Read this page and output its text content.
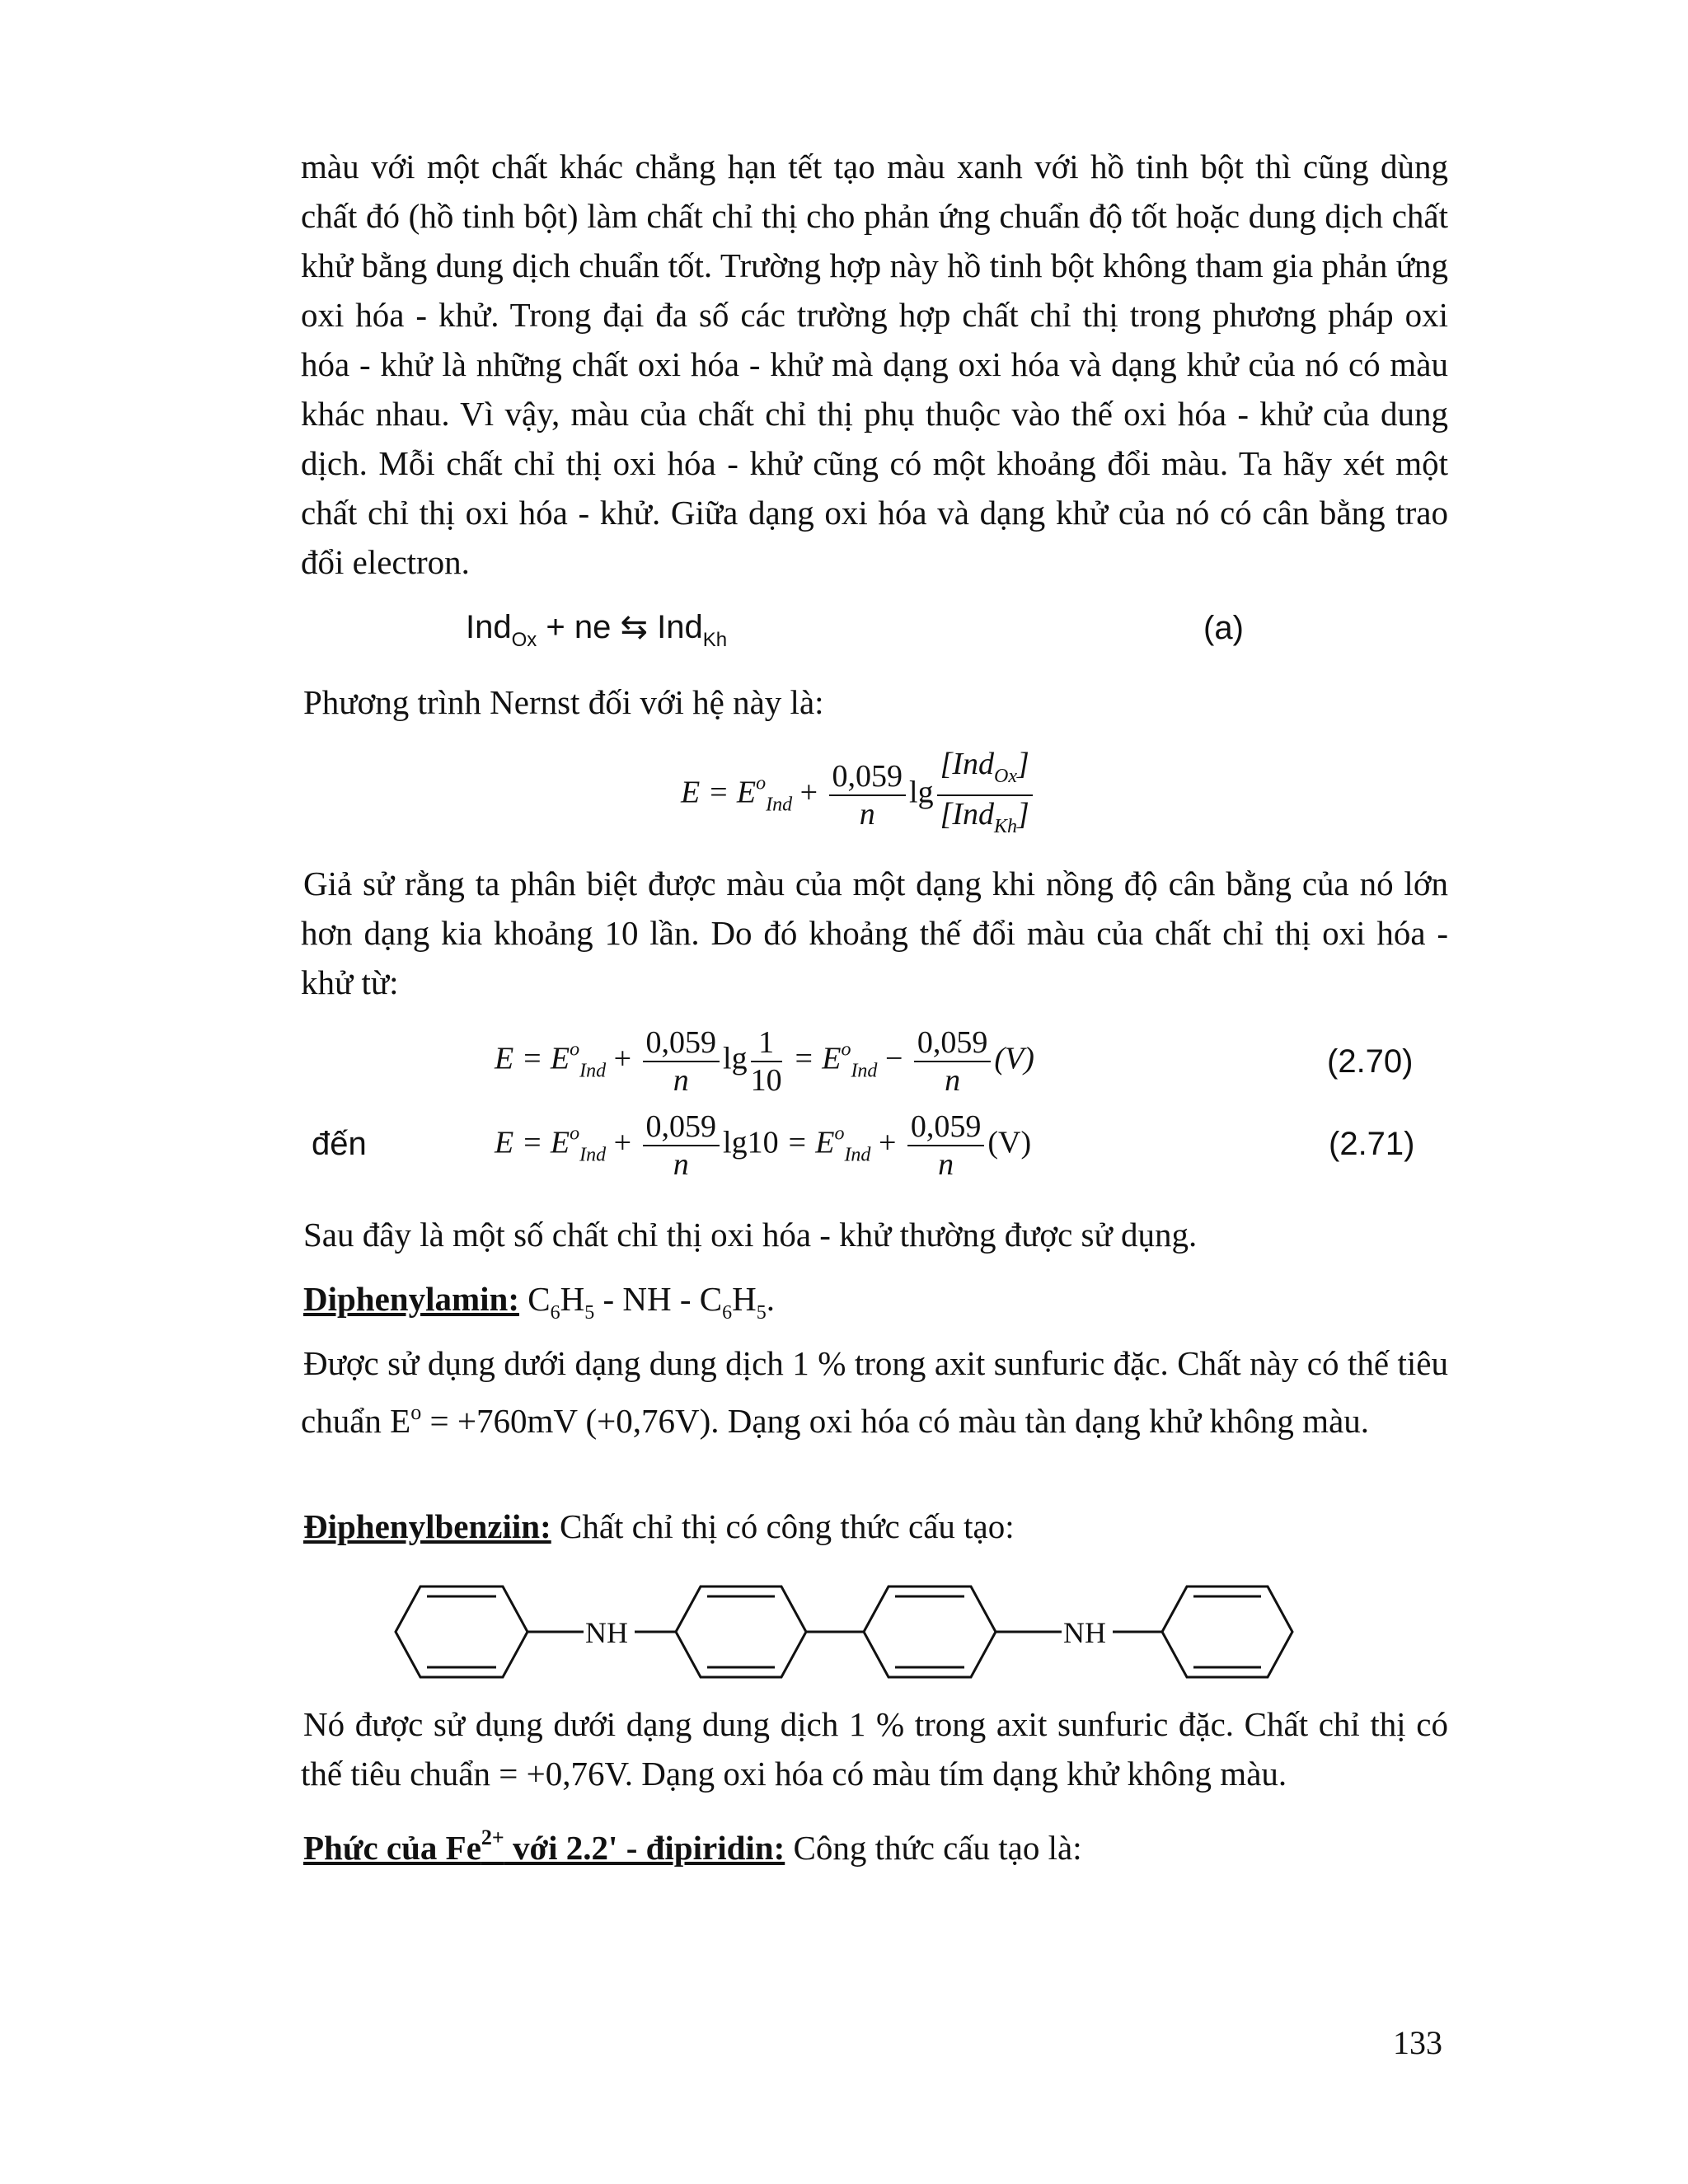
màu với một chất khác chẳng hạn tết tạo màu xanh với hồ tinh bột thì cũng dùng chất đó (hồ tinh bột) làm chất chỉ thị cho phản ứng chuẩn độ tốt hoặc dung dịch chất khử bằng dung dịch chuẩn tốt. Trường hợp này hồ tinh bột không tham gia phản ứng oxi hóa - khử. Trong đại đa số các trường hợp chất chỉ thị trong phương pháp oxi hóa - khử là những chất oxi hóa - khử mà dạng oxi hóa và dạng khử của nó có màu khác nhau. Vì vậy, màu của chất chỉ thị phụ thuộc vào thế oxi hóa - khử của dung dịch. Mỗi chất chỉ thị oxi hóa - khử cũng có một khoảng đổi màu. Ta hãy xét một chất chỉ thị oxi hóa - khử. Giữa dạng oxi hóa và dạng khử của nó có cân bằng trao đổi electron.

Ind$_{Ox}$ + ne ⇆ Ind$_{Kh}$	(a)
Phương trình Nernst đối với hệ này là:
$E = E^o_{Ind} + \frac{0,059}{n}$ $\lg \frac{[Ind_{Ox}]}{[Ind_{Kh}]}$

Giả sử rằng ta phân biệt được màu của một dạng khi nồng độ cân bằng của nó lớn hơn dạng kia khoảng 10 lần. Do đó khoảng thế đổi màu của chất chỉ thị oxi hóa - khử từ:

$E = E^o_{Ind} + \frac{0,059}{n}$ $\lg \frac{1}{10} = E^o_{Ind} - \frac{0,059}{n} (V)$	(2.70)
đến	$E = E^o_{Ind} + \frac{0,059}{n} \lg 10 = E^o_{Ind} + \frac{0,059}{n} (V)$	(2.71)
Sau đây là một số chất chỉ thị oxi hóa - khử thường được sử dụng.
Diphenylamin: $C_6H_5$ - NH - $C_6H_5$.

Được sử dụng dưới dạng dung dịch 1 % trong axit sunfuric đặc. Chất này có thế tiêu chuẩn $E^o = +760mV$ (+0,76V). Dạng oxi hóa có màu tàn dạng khử không màu.

Điphenylbenziin: Chất chỉ thị có công thức cấu tạo:
NH	NH

Nó được sử dụng dưới dạng dung dịch 1 % trong axit sunfuric đặc. Chất chỉ thị có thế tiêu chuẩn = +0,76V. Dạng oxi hóa có màu tím dạng khử không màu.

Phức của $Fe^{2+}$ với 2.2' - đipiridin: Công thức cấu tạo là:
133
